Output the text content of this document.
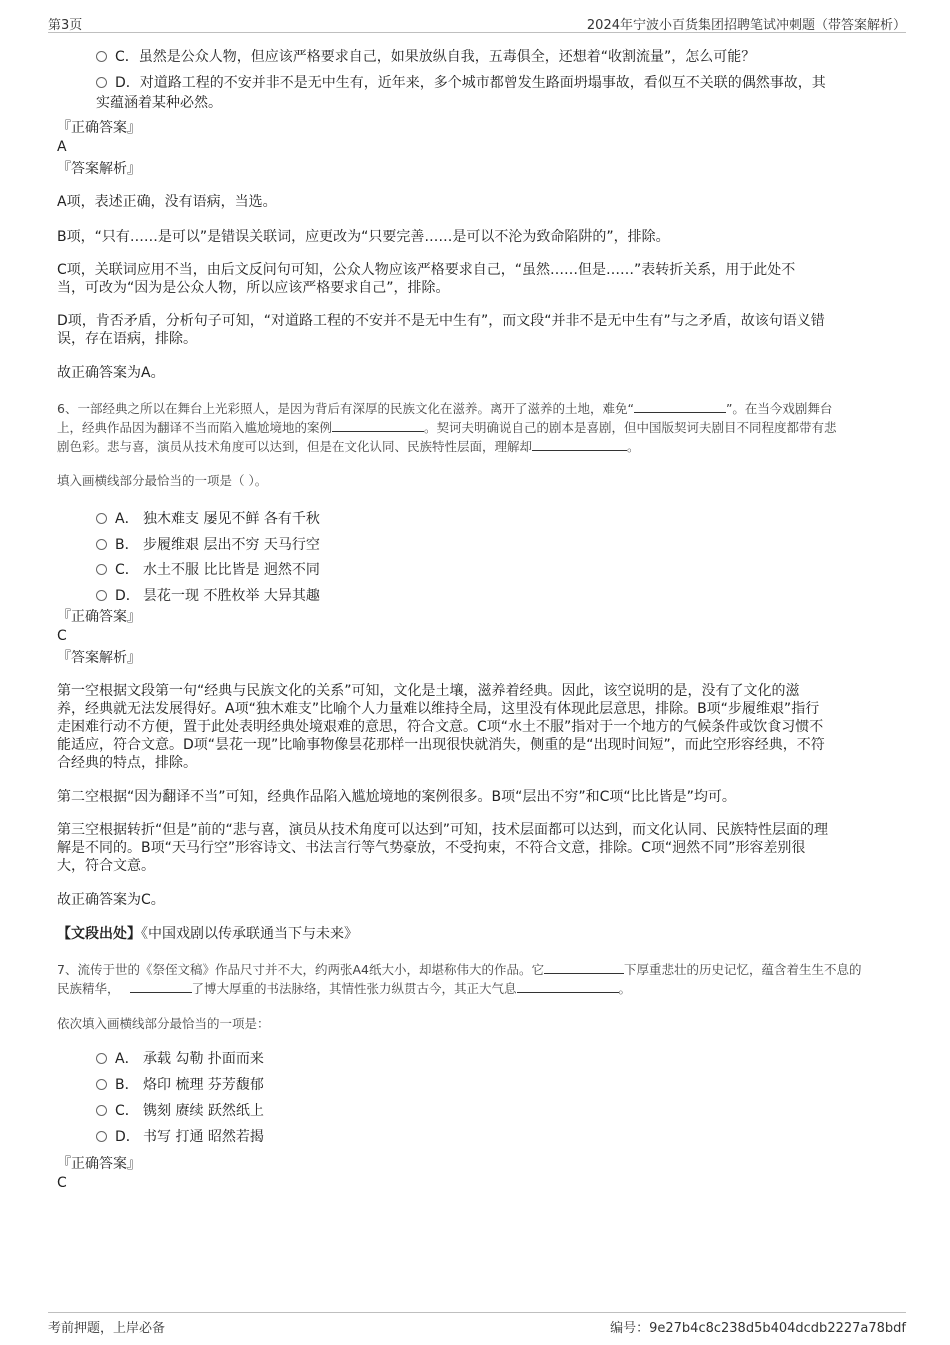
第3页	2024年宁波小百货集团招聘笔试冲刺题（带答案解析）
C．虽然是公众人物，但应该严格要求自己，如果放纵自我，五毒俱全，还想着“收割流量”，怎么可能？
D．对道路工程的不安并非不是无中生有，近年来，多个城市都曾发生路面坍塌事故，看似互不关联的偶然事故，其
实蕴涵着某种必然。
『正确答案』
A
『答案解析』
A项，表述正确，没有语病，当选。
B项，“只有……是可以”是错误关联词，应更改为“只要完善……是可以不沦为致命陷阱的”，排除。
C项，关联词应用不当，由后文反问句可知，公众人物应该严格要求自己，“虽然……但是……”表转折关系，用于此处不
当，可改为“因为是公众人物，所以应该严格要求自己”，排除。
D项，肯否矛盾，分析句子可知，“对道路工程的不安并不是无中生有”，而文段“并非不是无中生有”与之矛盾，故该句语义错
误，存在语病，排除。
故正确答案为A。
6、一部经典之所以在舞台上光彩照人，是因为背后有深厚的民族文化在滋养。离开了滋养的土地，难免“	”。在当今戏剧舞台
上，经典作品因为翻译不当而陷入尴尬境地的案例	。契诃夫明确说自己的剧本是喜剧，但中国版契诃夫剧目不同程度都带有悲
剧色彩。悲与喜，演员从技术角度可以达到，但是在文化认同、民族特性层面，理解却	。
填入画横线部分最恰当的一项是（ ）。
A． 独木难支 屡见不鲜 各有千秋
B． 步履维艰 层出不穷 天马行空
C． 水土不服 比比皆是 迥然不同
D． 昙花一现 不胜枚举 大异其趣
『正确答案』
C
『答案解析』
第一空根据文段第一句“经典与民族文化的关系”可知，文化是土壤，滋养着经典。因此，该空说明的是，没有了文化的滋
养，经典就无法发展得好。A项“独木难支”比喻个人力量难以维持全局，这里没有体现此层意思，排除。B项“步履维艰”指行
走困难行动不方便，置于此处表明经典处境艰难的意思，符合文意。C项“水土不服”指对于一个地方的气候条件或饮食习惯不
能适应，符合文意。D项“昙花一现”比喻事物像昙花那样一出现很快就消失，侧重的是“出现时间短”，而此空形容经典，不符
合经典的特点，排除。
第二空根据“因为翻译不当”可知，经典作品陷入尴尬境地的案例很多。B项“层出不穷”和C项“比比皆是”均可。
第三空根据转折“但是”前的“悲与喜，演员从技术角度可以达到”可知，技术层面都可以达到，而文化认同、民族特性层面的理
解是不同的。B项“天马行空”形容诗文、书法言行等气势豪放，不受拘束，不符合文意，排除。C项“迥然不同”形容差别很
大，符合文意。
故正确答案为C。
【文段出处】《中国戏剧以传承联通当下与未来》
7、流传于世的《祭侄文稿》作品尺寸并不大，约两张A4纸大小，却堪称伟大的作品。它	下厚重悲壮的历史记忆，蕴含着生生不息的
民族精华，	了博大厚重的书法脉络，其情性张力纵贯古今，其正大气息	。
依次填入画横线部分最恰当的一项是：
A． 承载 勾勒 扑面而来
B． 烙印 梳理 芬芳馥郁
C． 镌刻 赓续 跃然纸上
D． 书写 打通 昭然若揭
『正确答案』
C
考前押题，上岸必备	编号：9e27b4c8c238d5b404dcdb2227a78bdf
